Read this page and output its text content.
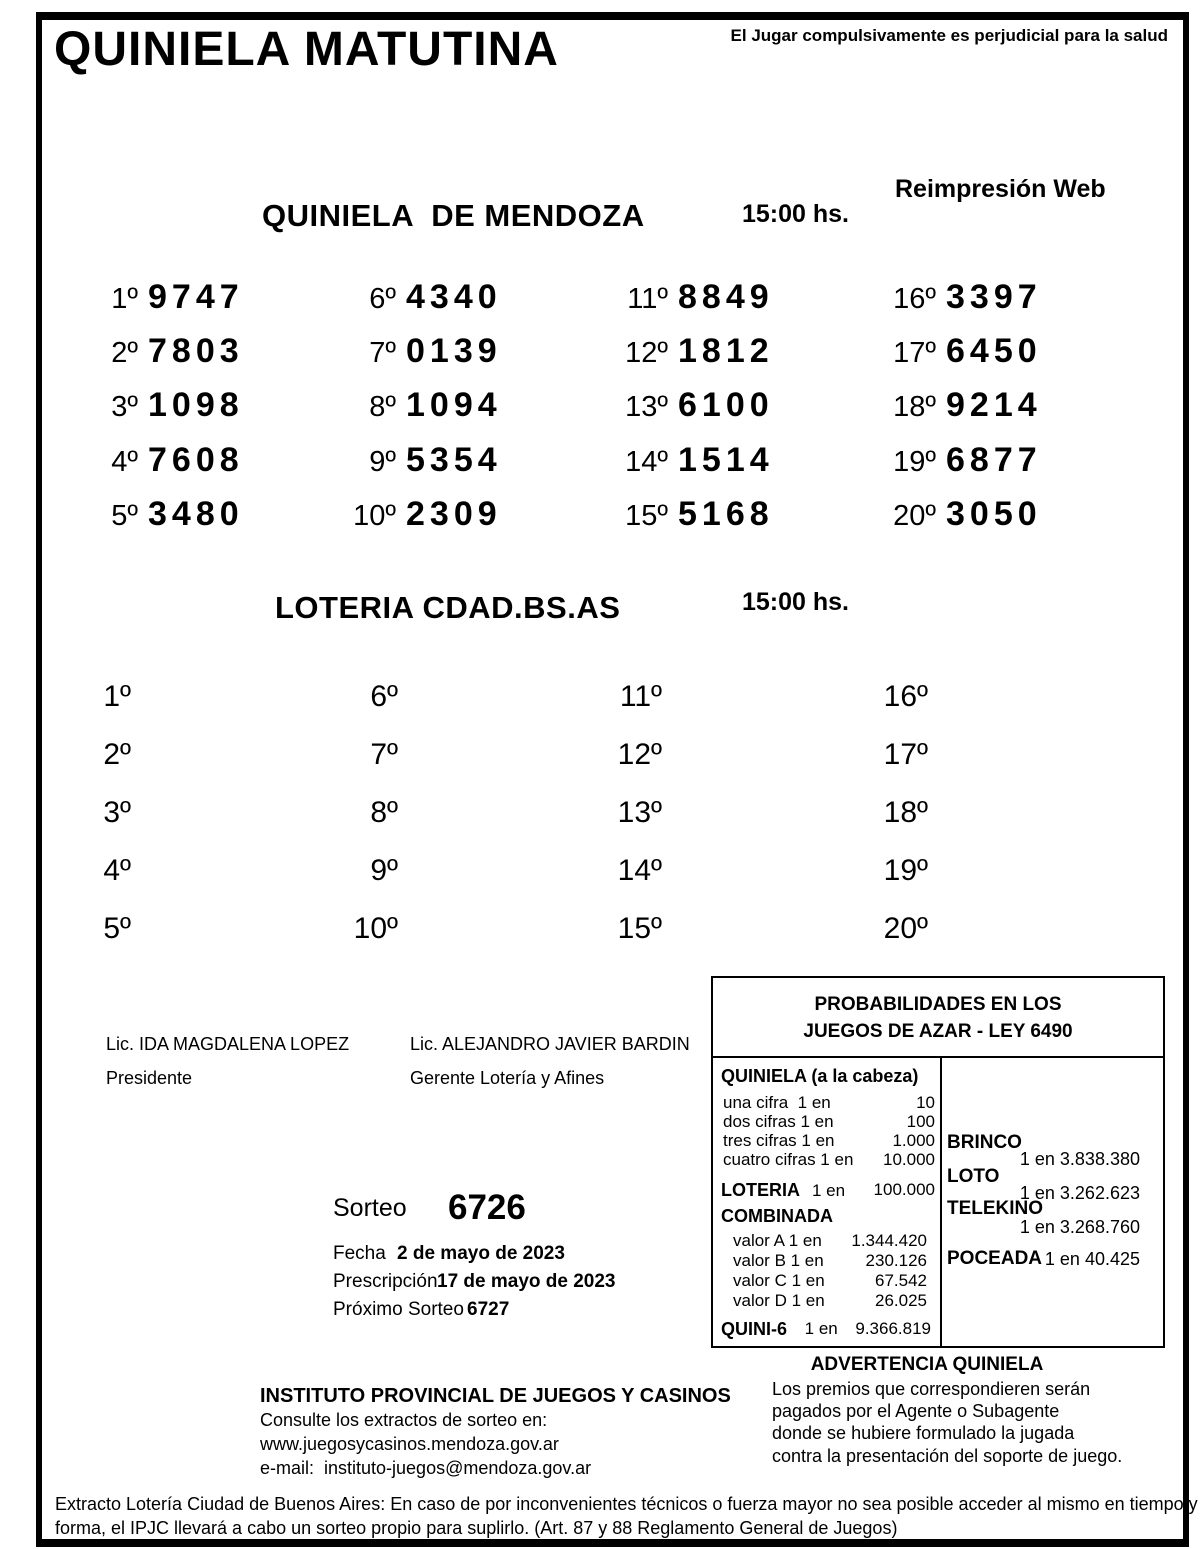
QUINIELA MATUTINA	El Jugar compulsivamente es perjudicial para la salud
QUINIELA  DE MENDOZA	15:00 hs.
Reimpresión Web
1º 9747
2º 7803
3º 1098
4º 7608
5º 3480
6º 4340
7º 0139
8º 1094
9º 5354
10º 2309
11º 8849
12º 1812
13º 6100
14º 1514
15º 5168
16º 3397
17º 6450
18º 9214
19º 6877
20º 3050
LOTERIA CDAD.BS.AS	15:00 hs.
1º
2º
3º
4º
5º
6º
7º
8º
9º
10º
11º
12º
13º
14º
15º
16º
17º
18º
19º
20º
Lic. IDA MAGDALENA LOPEZ
Presidente
Lic. ALEJANDRO JAVIER BARDIN
Gerente Lotería y Afines
Sorteo 6726
Fecha 2 de mayo de 2023
Prescripción 17 de mayo de 2023
Próximo Sorteo 6727
PROBABILIDADES EN LOS
JUEGOS DE AZAR - LEY 6490
QUINIELA (a la cabeza)
una cifra  1 en	10
dos cifras 1 en	100
tres cifras 1 en	1.000
cuatro cifras 1 en 10.000
LOTERIA 1 en 100.000
COMBINADA
valor A 1 en 1.344.420
valor B 1 en 230.126
valor C 1 en	67.542
valor D 1 en	26.025
QUINI-6 1 en 9.366.819
BRINCO
1 en 3.838.380
LOTO
1 en 3.262.623
TELEKINO
1 en 3.268.760
POCEADA 1 en 40.425
INSTITUTO PROVINCIAL DE JUEGOS Y CASINOS
Consulte los extractos de sorteo en:
www.juegosycasinos.mendoza.gov.ar
e-mail:  instituto-juegos@mendoza.gov.ar
ADVERTENCIA QUINIELA
Los premios que correspondieren serán
pagados por el Agente o Subagente
donde se hubiere formulado la jugada
contra la presentación del soporte de juego.
Extracto Lotería Ciudad de Buenos Aires: En caso de por inconvenientes técnicos o fuerza mayor no sea posible acceder al mismo en tiempo y
forma, el IPJC llevará a cabo un sorteo propio para suplirlo. (Art. 87 y 88 Reglamento General de Juegos)
